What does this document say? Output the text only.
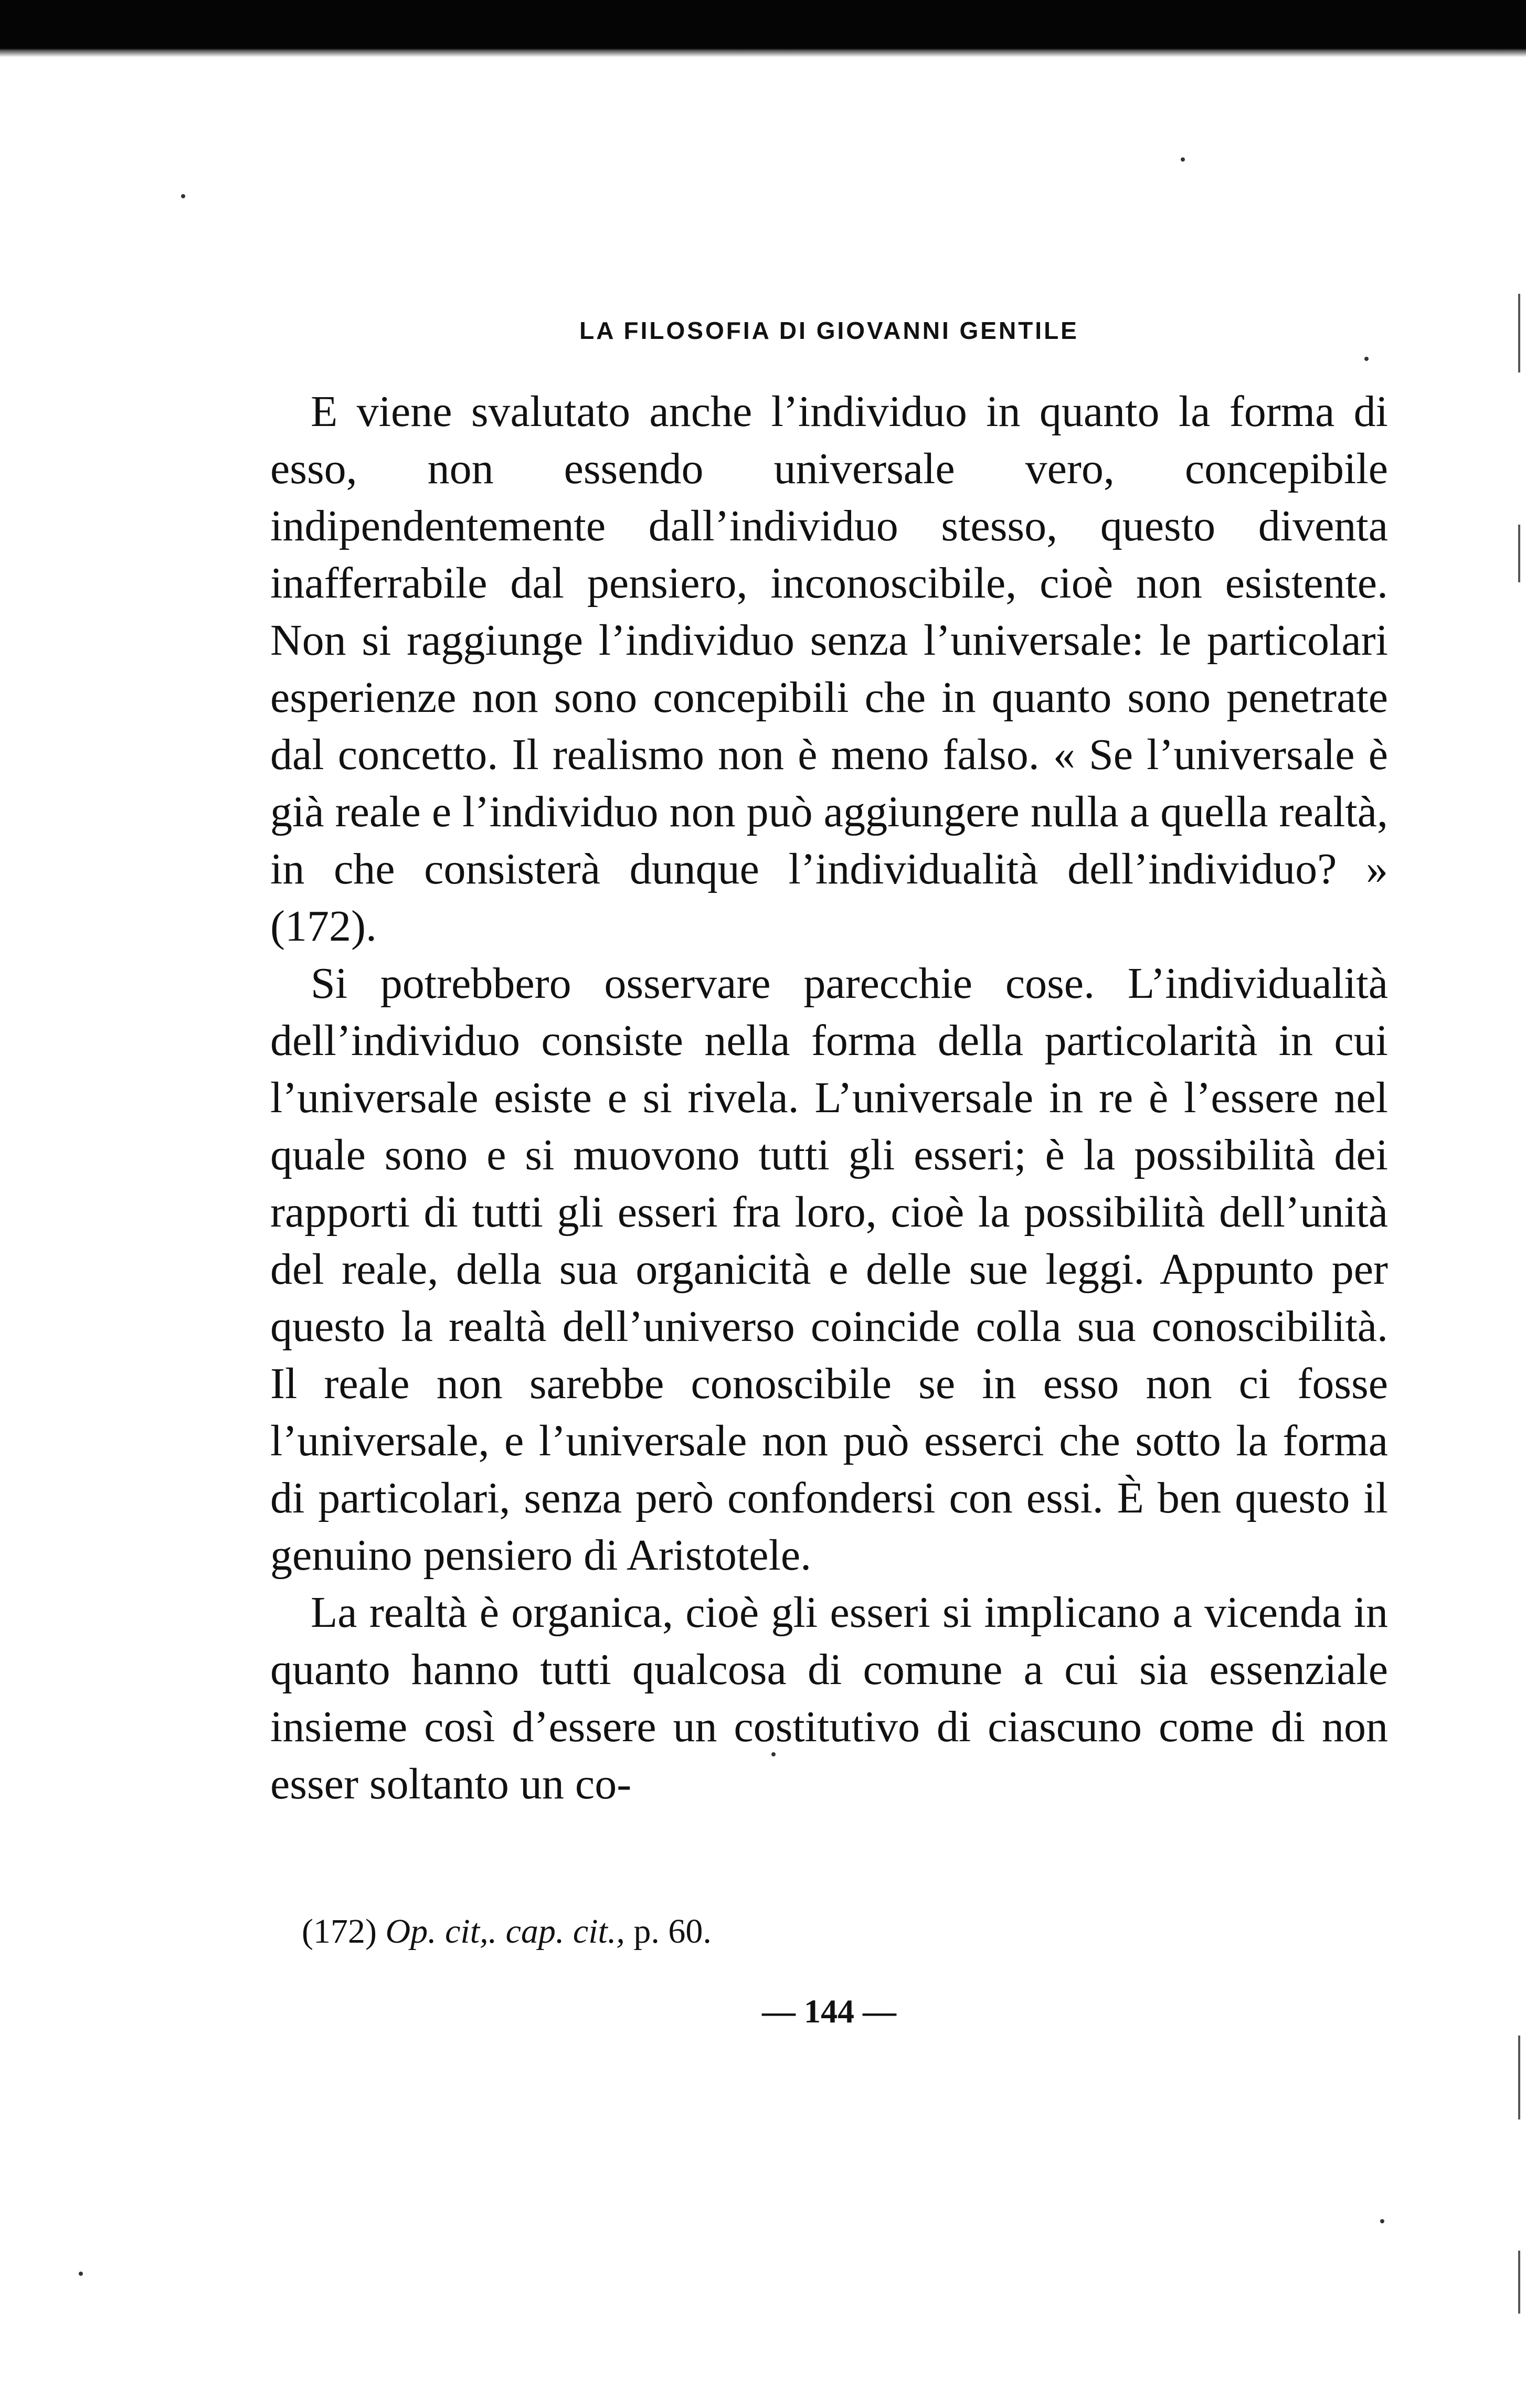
LA FILOSOFIA DI GIOVANNI GENTILE

E viene svalutato anche l’individuo in quanto la forma di esso, non essendo universale vero, concepibile indipendentemente dall’individuo stesso, questo diventa inafferrabile dal pensiero, inconoscibile, cioè non esistente. Non si raggiunge l’individuo senza l’universale: le particolari esperienze non sono concepibili che in quanto sono penetrate dal concetto. Il realismo non è meno falso. « Se l’universale è già reale e l’individuo non può aggiungere nulla a quella realtà, in che consisterà dunque l’individualità dell’individuo? » (172).

Si potrebbero osservare parecchie cose. L’individualità dell’individuo consiste nella forma della particolarità in cui l’universale esiste e si rivela. L’universale in re è l’essere nel quale sono e si muovono tutti gli esseri; è la possibilità dei rapporti di tutti gli esseri fra loro, cioè la possibilità dell’unità del reale, della sua organicità e delle sue leggi. Appunto per questo la realtà dell’universo coincide colla sua conoscibilità. Il reale non sarebbe conoscibile se in esso non ci fosse l’universale, e l’universale non può esserci che sotto la forma di particolari, senza però confondersi con essi. È ben questo il genuino pensiero di Aristotele.

La realtà è organica, cioè gli esseri si implicano a vicenda in quanto hanno tutti qualcosa di comune a cui sia essenziale insieme così d’essere un costitutivo di ciascuno come di non esser soltanto un co-

(172) Op. cit,. cap. cit., p. 60.
— 144 —
